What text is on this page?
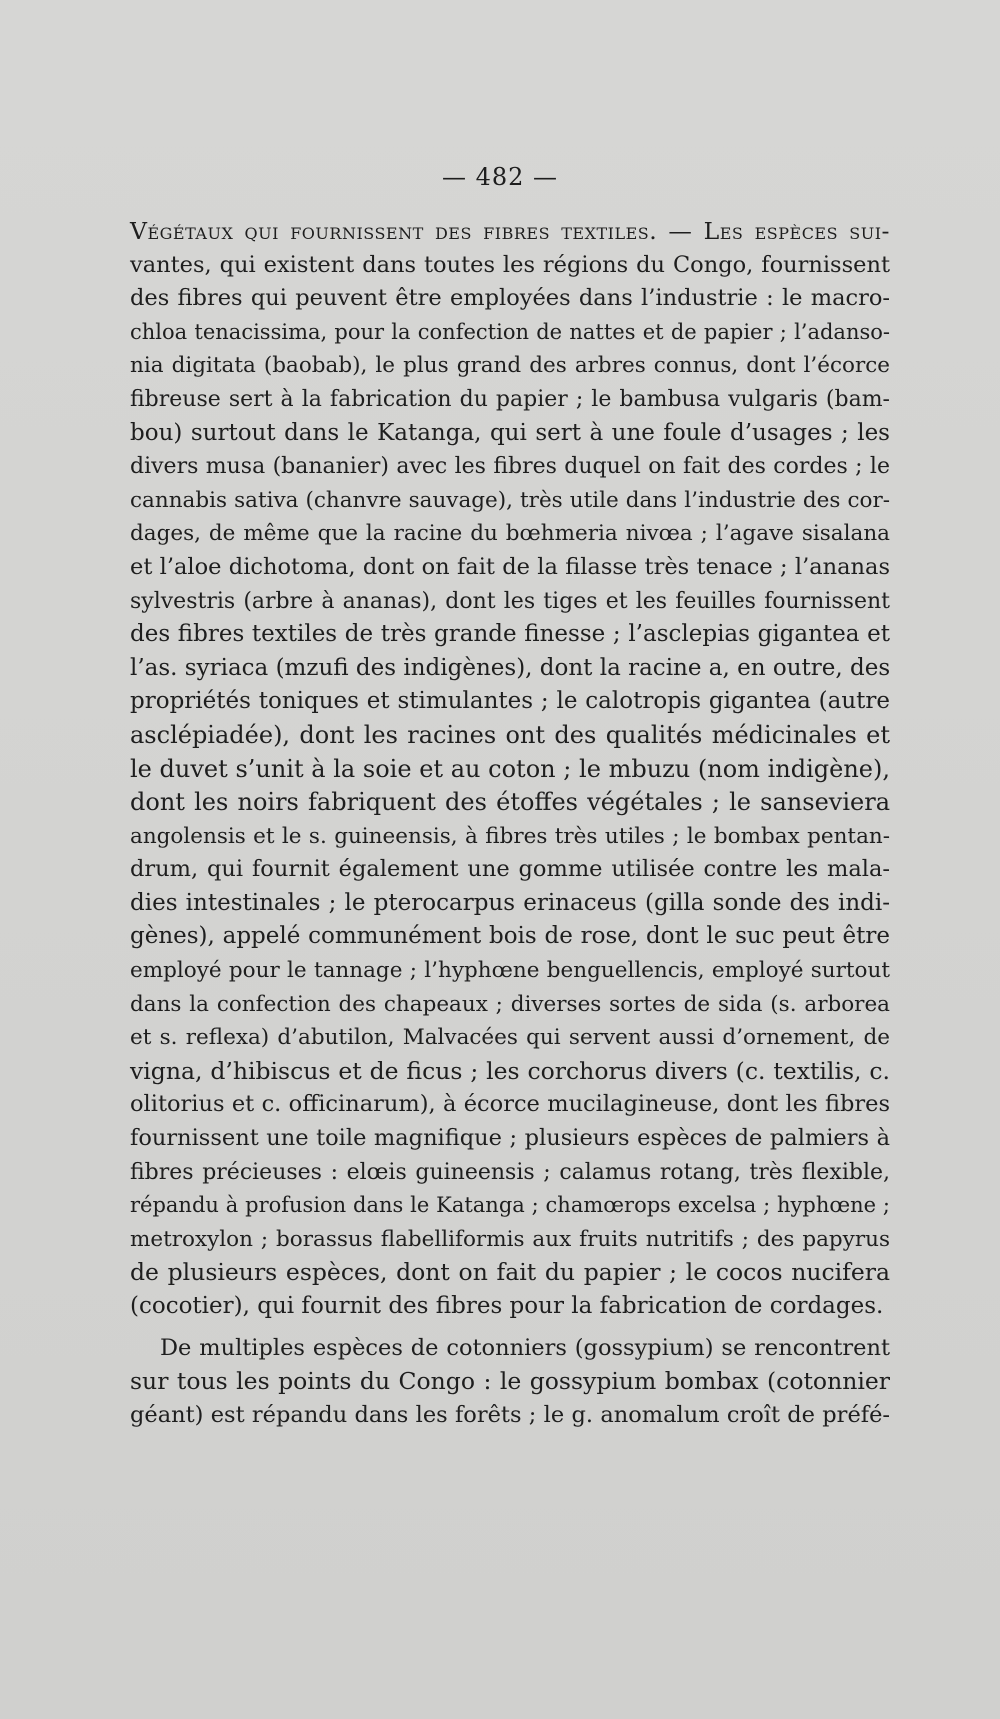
— 482 —

Végétaux qui fournissent des fibres textiles. — Les espèces sui-
vantes, qui existent dans toutes les régions du Congo, fournissent
des fibres qui peuvent être employées dans l’industrie : le macro-
chloa tenacissima, pour la confection de nattes et de papier ; l’adanso-
nia digitata (baobab), le plus grand des arbres connus, dont l’écorce
fibreuse sert à la fabrication du papier ; le bambusa vulgaris (bam-
bou) surtout dans le Katanga, qui sert à une foule d’usages ; les
divers musa (bananier) avec les fibres duquel on fait des cordes ; le
cannabis sativa (chanvre sauvage), très utile dans l’industrie des cor-
dages, de même que la racine du bœhmeria nivœa ; l’agave sisalana
et l’aloe dichotoma, dont on fait de la filasse très tenace ; l’ananas
sylvestris (arbre à ananas), dont les tiges et les feuilles fournissent
des fibres textiles de très grande finesse ; l’asclepias gigantea et
l’as. syriaca (mzufi des indigènes), dont la racine a, en outre, des
propriétés toniques et stimulantes ; le calotropis gigantea (autre
asclépiadée), dont les racines ont des qualités médicinales et
le duvet s’unit à la soie et au coton ; le mbuzu (nom indigène),
dont les noirs fabriquent des étoffes végétales ; le sanseviera
angolensis et le s. guineensis, à fibres très utiles ; le bombax pentan-
drum, qui fournit également une gomme utilisée contre les mala-
dies intestinales ; le pterocarpus erinaceus (gilla sonde des indi-
gènes), appelé communément bois de rose, dont le suc peut être
employé pour le tannage ; l’hyphœne benguellencis, employé surtout
dans la confection des chapeaux ; diverses sortes de sida (s. arborea
et s. reflexa) d’abutilon, Malvacées qui servent aussi d’ornement, de
vigna, d’hibiscus et de ficus ; les corchorus divers (c. textilis, c.
olitorius et c. officinarum), à écorce mucilagineuse, dont les fibres
fournissent une toile magnifique ; plusieurs espèces de palmiers à
fibres précieuses : elœis guineensis ; calamus rotang, très flexible,
répandu à profusion dans le Katanga ; chamœrops excelsa ; hyphœne ;
metroxylon ; borassus flabelliformis aux fruits nutritifs ; des papyrus
de plusieurs espèces, dont on fait du papier ; le cocos nucifera
(cocotier), qui fournit des fibres pour la fabrication de cordages.

De multiples espèces de cotonniers (gossypium) se rencontrent
sur tous les points du Congo : le gossypium bombax (cotonnier
géant) est répandu dans les forêts ; le g. anomalum croît de préfé-
